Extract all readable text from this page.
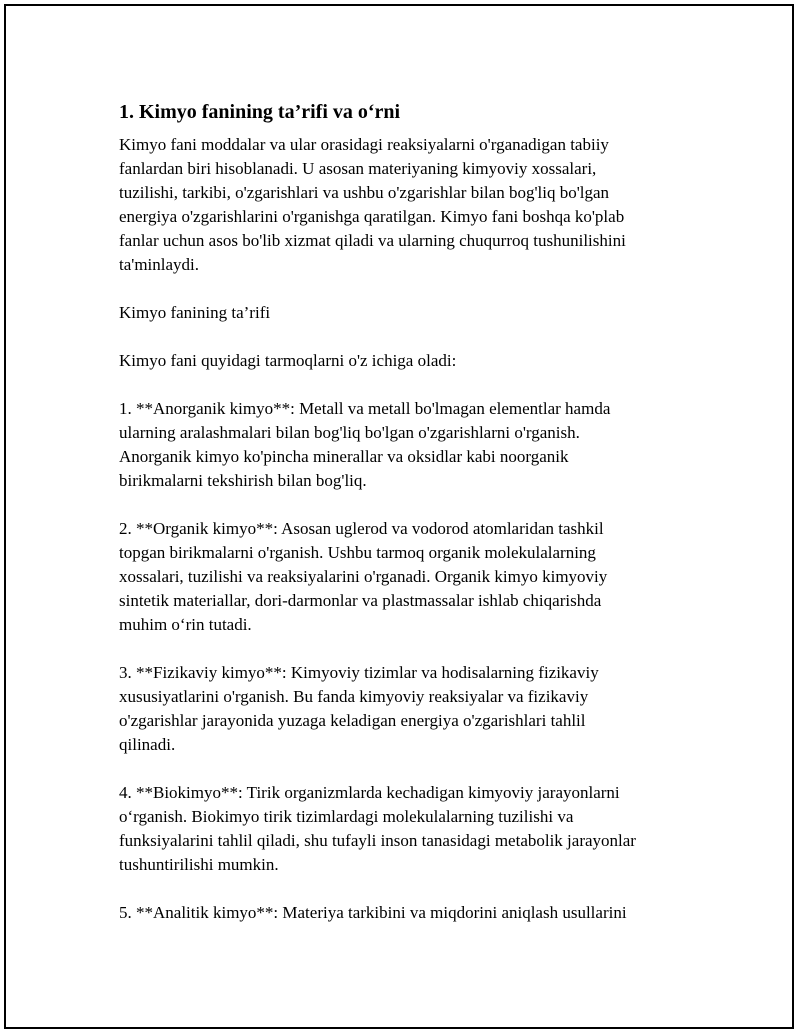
1. Kimyo fanining ta’rifi va o‘rni

Kimyo fani moddalar va ular orasidagi reaksiyalarni o'rganadigan tabiiy
fanlardan biri hisoblanadi. U asosan materiyaning kimyoviy xossalari,
tuzilishi, tarkibi, o'zgarishlari va ushbu o'zgarishlar bilan bog'liq bo'lgan
energiya o'zgarishlarini o'rganishga qaratilgan. Kimyo fani boshqa ko'plab
fanlar uchun asos bo'lib xizmat qiladi va ularning chuqurroq tushunilishini
ta'minlaydi.

Kimyo fanining ta’rifi

Kimyo fani quyidagi tarmoqlarni o'z ichiga oladi:

1. **Anorganik kimyo**: Metall va metall bo'lmagan elementlar hamda
ularning aralashmalari bilan bog'liq bo'lgan o'zgarishlarni o'rganish.
Anorganik kimyo ko'pincha minerallar va oksidlar kabi noorganik
birikmalarni tekshirish bilan bog'liq.

2. **Organik kimyo**: Asosan uglerod va vodorod atomlaridan tashkil
topgan birikmalarni o'rganish. Ushbu tarmoq organik molekulalarning
xossalari, tuzilishi va reaksiyalarini o'rganadi. Organik kimyo kimyoviy
sintetik materiallar, dori-darmonlar va plastmassalar ishlab chiqarishda
muhim o‘rin tutadi.

3. **Fizikaviy kimyo**: Kimyoviy tizimlar va hodisalarning fizikaviy
xususiyatlarini o'rganish. Bu fanda kimyoviy reaksiyalar va fizikaviy
o'zgarishlar jarayonida yuzaga keladigan energiya o'zgarishlari tahlil
qilinadi.

4. **Biokimyo**: Tirik organizmlarda kechadigan kimyoviy jarayonlarni
o‘rganish. Biokimyo tirik tizimlardagi molekulalarning tuzilishi va
funksiyalarini tahlil qiladi, shu tufayli inson tanasidagi metabolik jarayonlar
tushuntirilishi mumkin.

5. **Analitik kimyo**: Materiya tarkibini va miqdorini aniqlash usullarini
